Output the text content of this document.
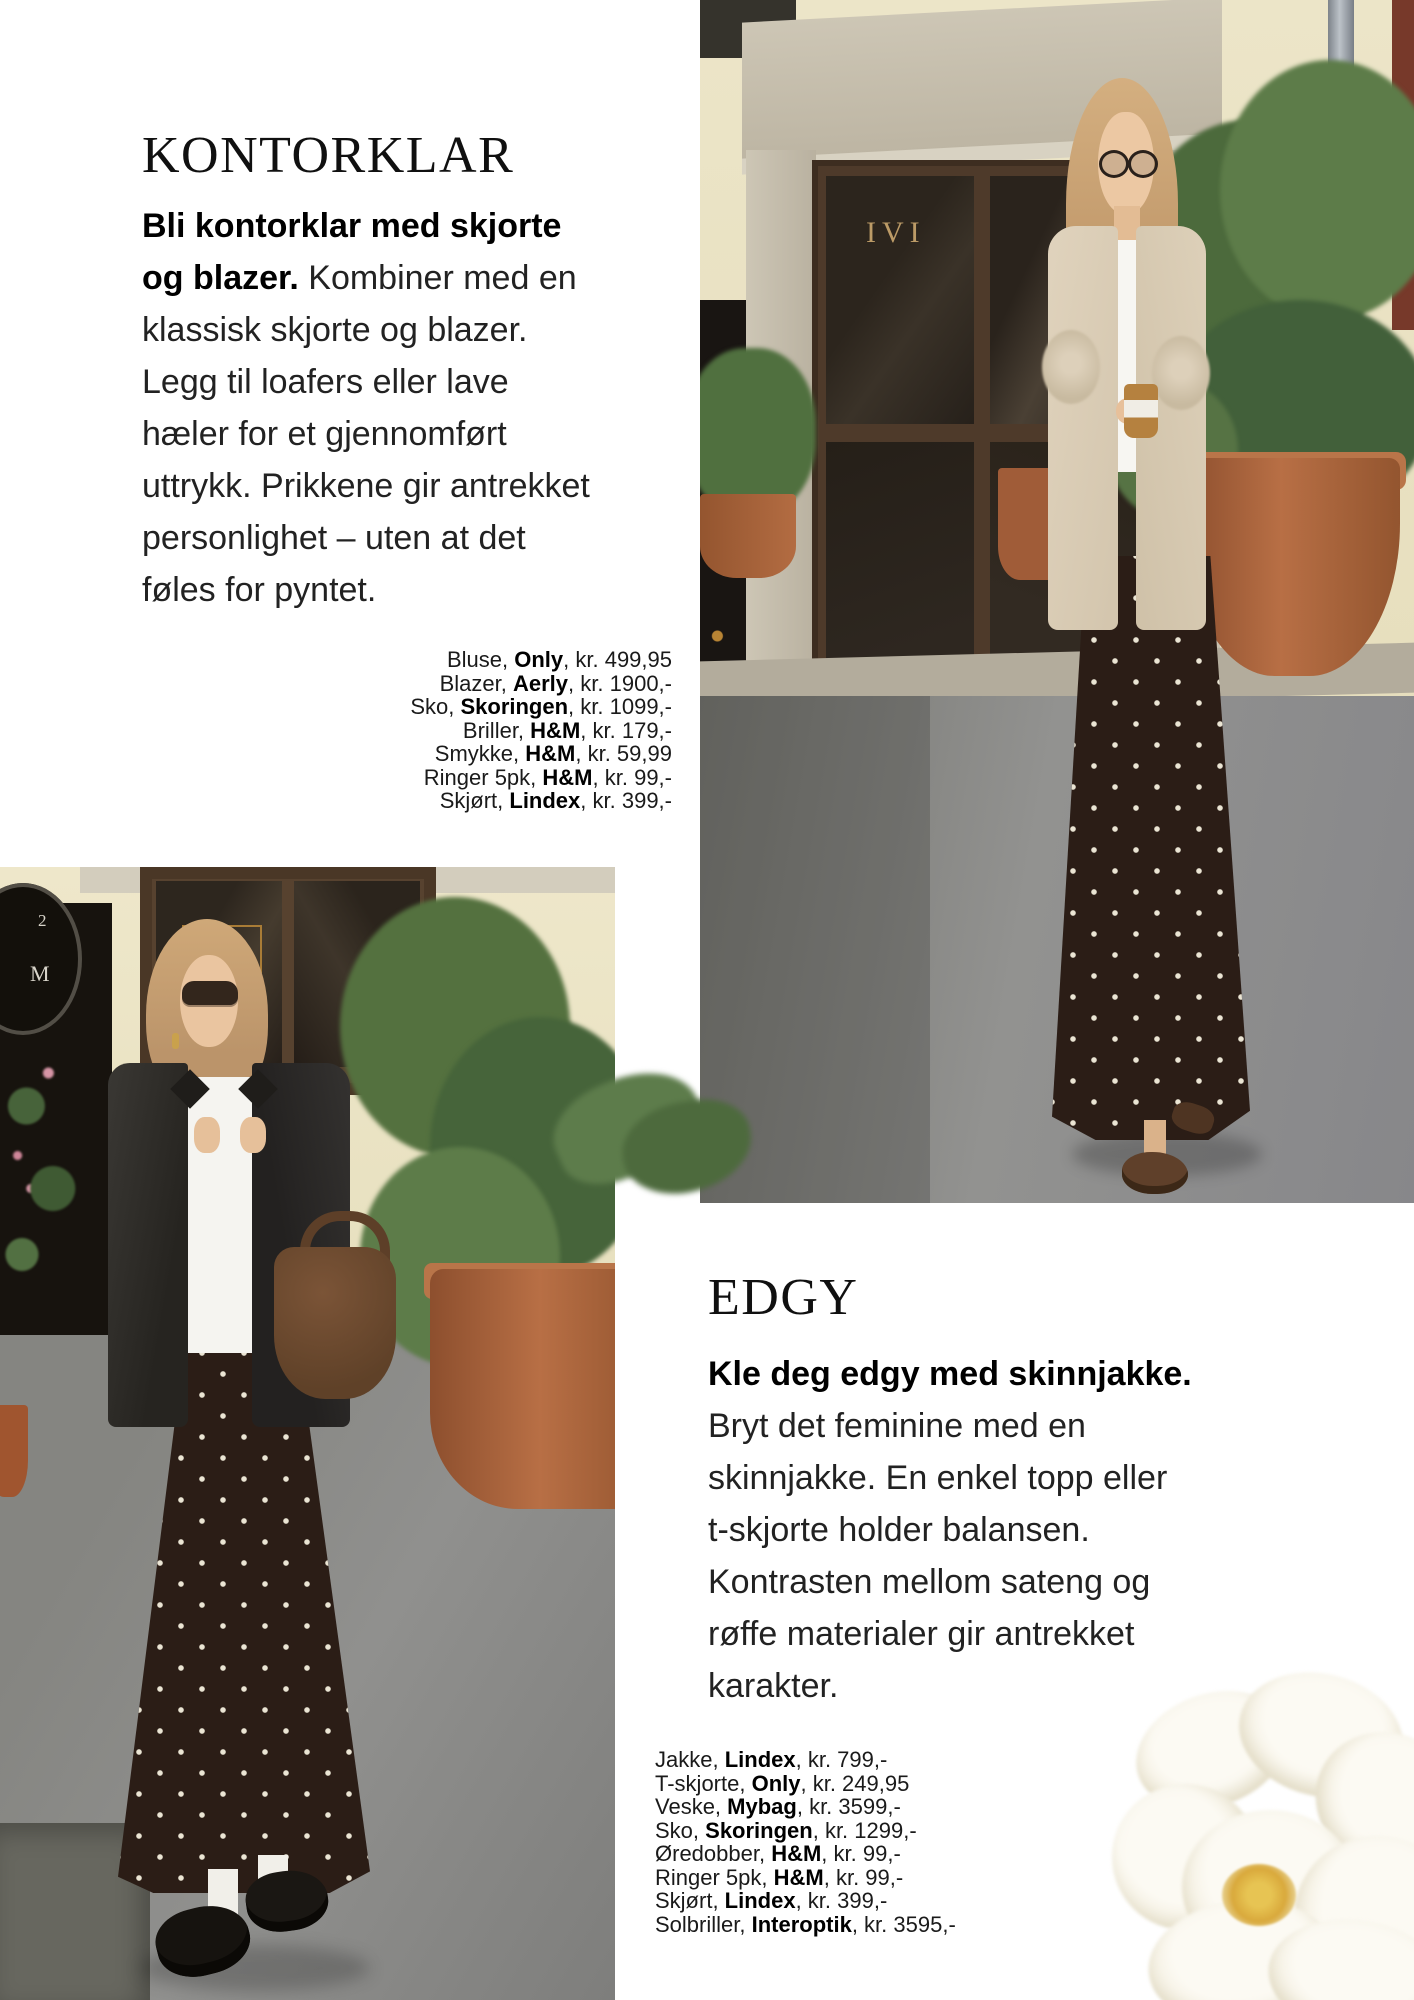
IVI
2
M
KONTORKLAR
Bli kontorklar med skjorte
og blazer. Kombiner med en
klassisk skjorte og blazer.
Legg til loafers eller lave
hæler for et gjennomført
uttrykk. Prikkene gir antrekket
personlighet – uten at det
føles for pyntet.
Bluse, Only, kr. 499,95
Blazer, Aerly, kr. 1900,-
Sko, Skoringen, kr. 1099,-
Briller, H&M, kr. 179,-
Smykke, H&M, kr. 59,99
Ringer 5pk, H&M, kr. 99,-
Skjørt, Lindex, kr. 399,-
EDGY
Kle deg edgy med skinnjakke.
Bryt det feminine med en
skinnjakke. En enkel topp eller
t-skjorte holder balansen.
Kontrasten mellom sateng og
røffe materialer gir antrekket
karakter.
Jakke, Lindex, kr. 799,-
T-skjorte, Only, kr. 249,95
Veske, Mybag, kr. 3599,-
Sko, Skoringen, kr. 1299,-
Øredobber, H&M, kr. 99,-
Ringer 5pk, H&M, kr. 99,-
Skjørt, Lindex, kr. 399,-
Solbriller, Interoptik, kr. 3595,-
